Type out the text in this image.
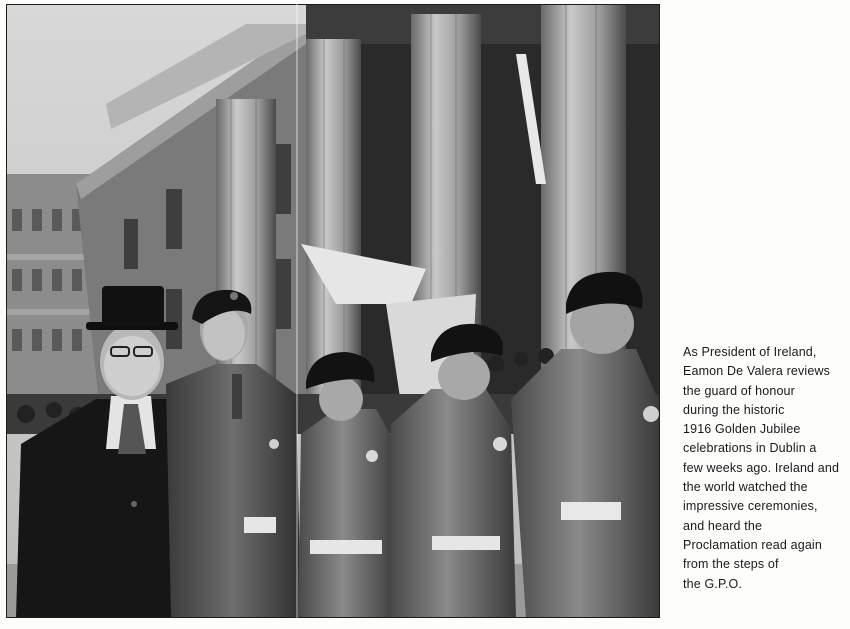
As President of Ireland,
Eamon De Valera reviews
the guard of honour
during the historic
1916 Golden Jubilee
celebrations in Dublin a
few weeks ago. Ireland and
the world watched the
impressive ceremonies,
and heard the
Proclamation read again
from the steps of
the G.P.O.
